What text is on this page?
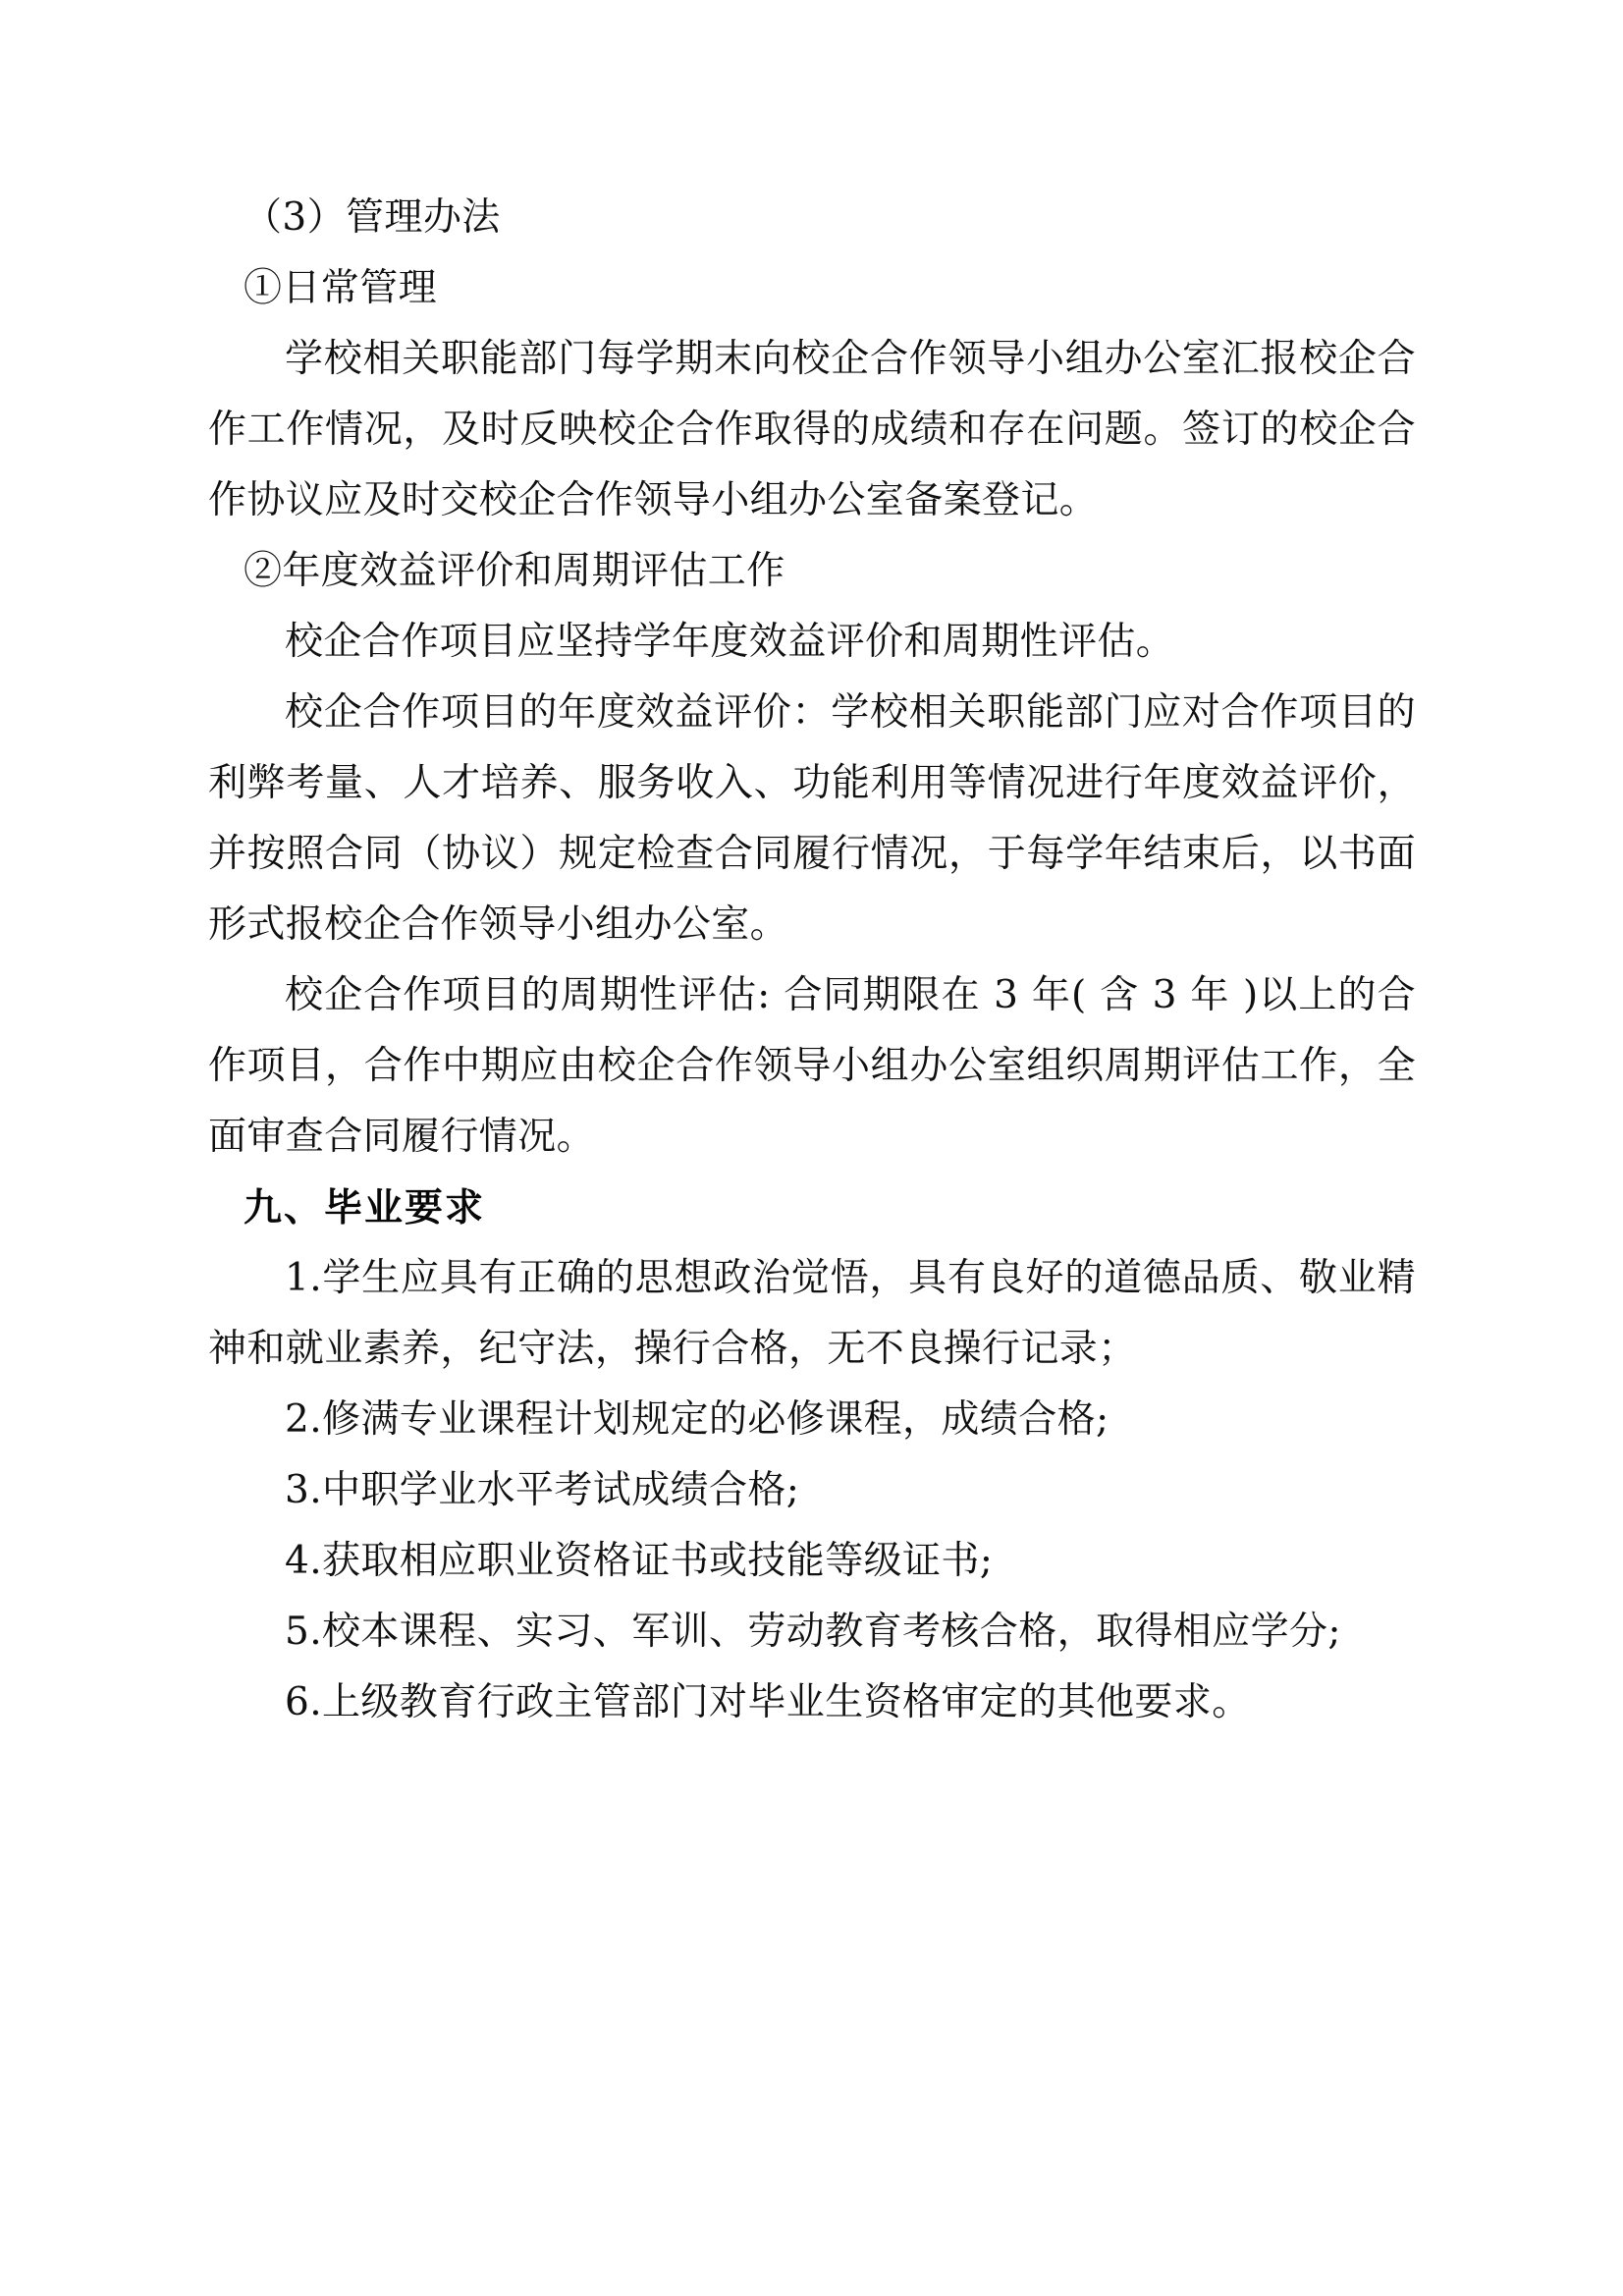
（3）管理办法

①日常管理

学校相关职能部门每学期末向校企合作领导小组办公室汇报校企合作工作情况，及时反映校企合作取得的成绩和存在问题。签订的校企合作协议应及时交校企合作领导小组办公室备案登记。

②年度效益评价和周期评估工作

校企合作项目应坚持学年度效益评价和周期性评估。

校企合作项目的年度效益评价：学校相关职能部门应对合作项目的利弊考量、人才培养、服务收入、功能利用等情况进行年度效益评价，并按照合同（协议）规定检查合同履行情况，于每学年结束后，以书面形式报校企合作领导小组办公室。

校企合作项目的周期性评估: 合同期限在 3 年( 含 3 年 )以上的合作项目，合作中期应由校企合作领导小组办公室组织周期评估工作，全面审查合同履行情况。

九、毕业要求

1.学生应具有正确的思想政治觉悟，具有良好的道德品质、敬业精神和就业素养，纪守法，操行合格，无不良操行记录；

2.修满专业课程计划规定的必修课程，成绩合格;

3.中职学业水平考试成绩合格;

4.获取相应职业资格证书或技能等级证书;

5.校本课程、实习、军训、劳动教育考核合格，取得相应学分;

6.上级教育行政主管部门对毕业生资格审定的其他要求。
